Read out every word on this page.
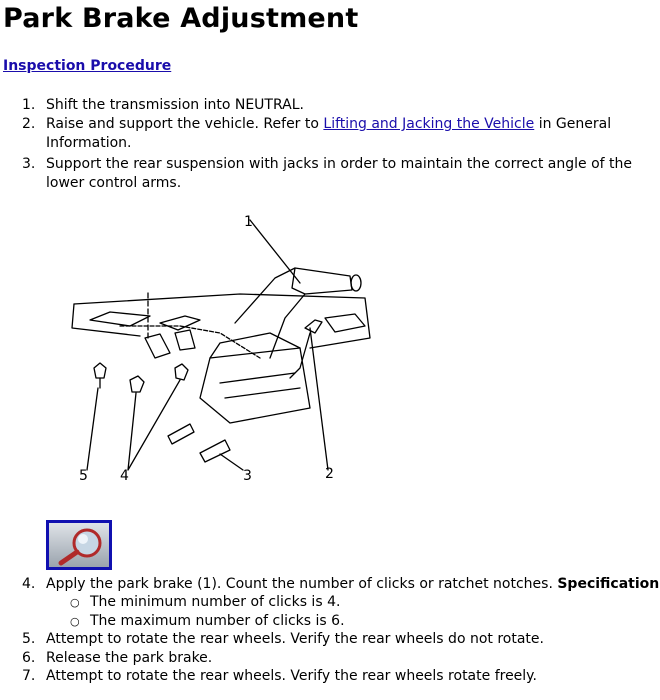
Park Brake Adjustment
Inspection Procedure
1. Shift the transmission into NEUTRAL.
2. Raise and support the vehicle. Refer to Lifting and Jacking the Vehicle in General
Information.
3. Support the rear suspension with jacks in order to maintain the correct angle of the
lower control arms.
1
2
3
4
5
4. Apply the park brake (1). Count the number of clicks or ratchet notches. Specification
○ The minimum number of clicks is 4.
○ The maximum number of clicks is 6.
5. Attempt to rotate the rear wheels. Verify the rear wheels do not rotate.
6. Release the park brake.
7. Attempt to rotate the rear wheels. Verify the rear wheels rotate freely.
